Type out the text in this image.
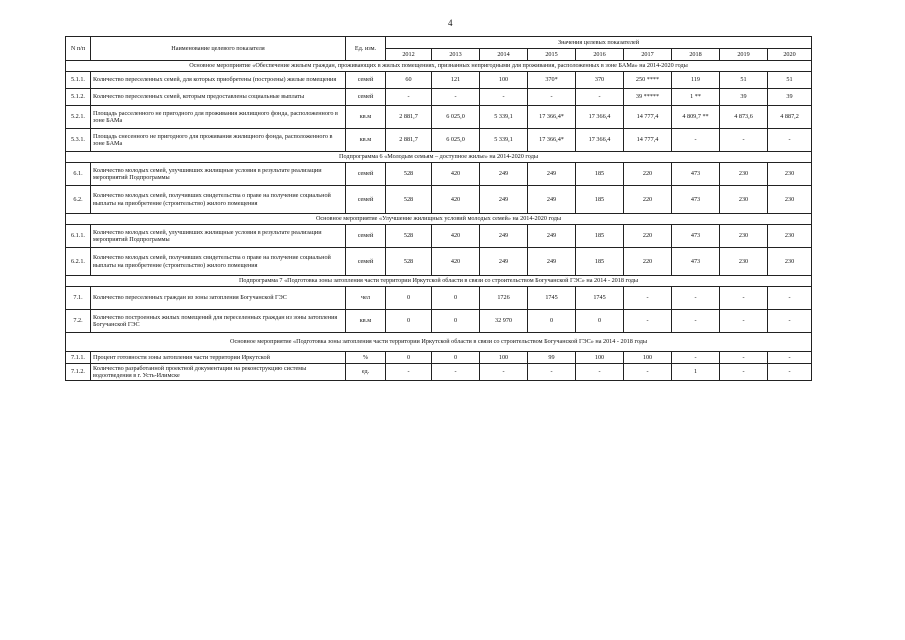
4
N п/п	Наименование целевого показателя	Ед. изм.	Значения целевых показателей								
			2012	2013	2014	2015	2016	2017	2018	2019	2020
Основное мероприятие «Обеспечение жильем граждан, проживающих в жилых помещениях, признанных непригодными для проживания, расположенных в зоне БАМа» на 2014-2020 годы											
5.1.1.	Количество переселенных семей, для которых приобретены (построены) жилые помещения	семей	60	121	100	370*	370	250 ****	119	51	51
5.1.2.	Количество переселенных семей, которым предоставлены социальные выплаты	семей	-	-	-	-	-	39 *****	1 **	39	39
5.2.1.	Площадь расселенного не пригодного для проживания жилищного фонда, расположенного в зоне БАМа	кв.м	2 881,7	6 025,0	5 339,1	17 366,4*	17 366,4	14 777,4	4 809,7 **	4 873,6	4 887,2
5.3.1.	Площадь снесенного не пригодного для проживания жилищного фонда, расположенного в зоне БАМа	кв.м	2 881,7	6 025,0	5 339,1	17 366,4*	17 366,4	14 777,4	-	-	-
Подпрограмма 6 «Молодым семьям – доступное жилье» на 2014-2020 годы											
6.1.	Количество молодых семей, улучшивших жилищные условия в результате реализации мероприятий Подпрограммы	семей	528	420	249	249	185	220	473	230	230
6.2.	Количество молодых семей, получивших свидетельства о праве на получение социальной выплаты на приобретение (строительство) жилого помещения	семей	528	420	249	249	185	220	473	230	230
Основное мероприятие «Улучшение жилищных условий молодых семей» на 2014-2020 годы											
6.1.1.	Количество молодых семей, улучшивших жилищные условия в результате реализации мероприятий Подпрограммы	семей	528	420	249	249	185	220	473	230	230
6.2.1.	Количество молодых семей, получивших свидетельства о праве на получение социальной выплаты на приобретение (строительство) жилого помещения	семей	528	420	249	249	185	220	473	230	230
Подпрограмма 7 «Подготовка зоны затопления части территории Иркутской области в связи со строительством Богучанской ГЭС» на 2014 - 2018 годы											
7.1.	Количество переселенных граждан из зоны затопления Богучанской ГЭС	чел	0	0	1726	1745	1745	-	-	-	-
7.2.	Количество построенных жилых помещений для переселенных граждан из зоны затопления Богучанской ГЭС	кв.м	0	0	32 970	0	0	-	-	-	-
Основное мероприятие «Подготовка зоны затопления части территории Иркутской области в связи со строительством Богучанской ГЭС» на 2014 - 2018 годы											
7.1.1.	Процент готовности зоны затопления части территории Иркутской	%	0	0	100	99	100	100	-	-	-
7.1.2.	Количество разработанной проектной документации на реконструкцию системы водоотведения в г. Усть-Илимске	ед.	-	-	-	-	-	-	1	-	-
